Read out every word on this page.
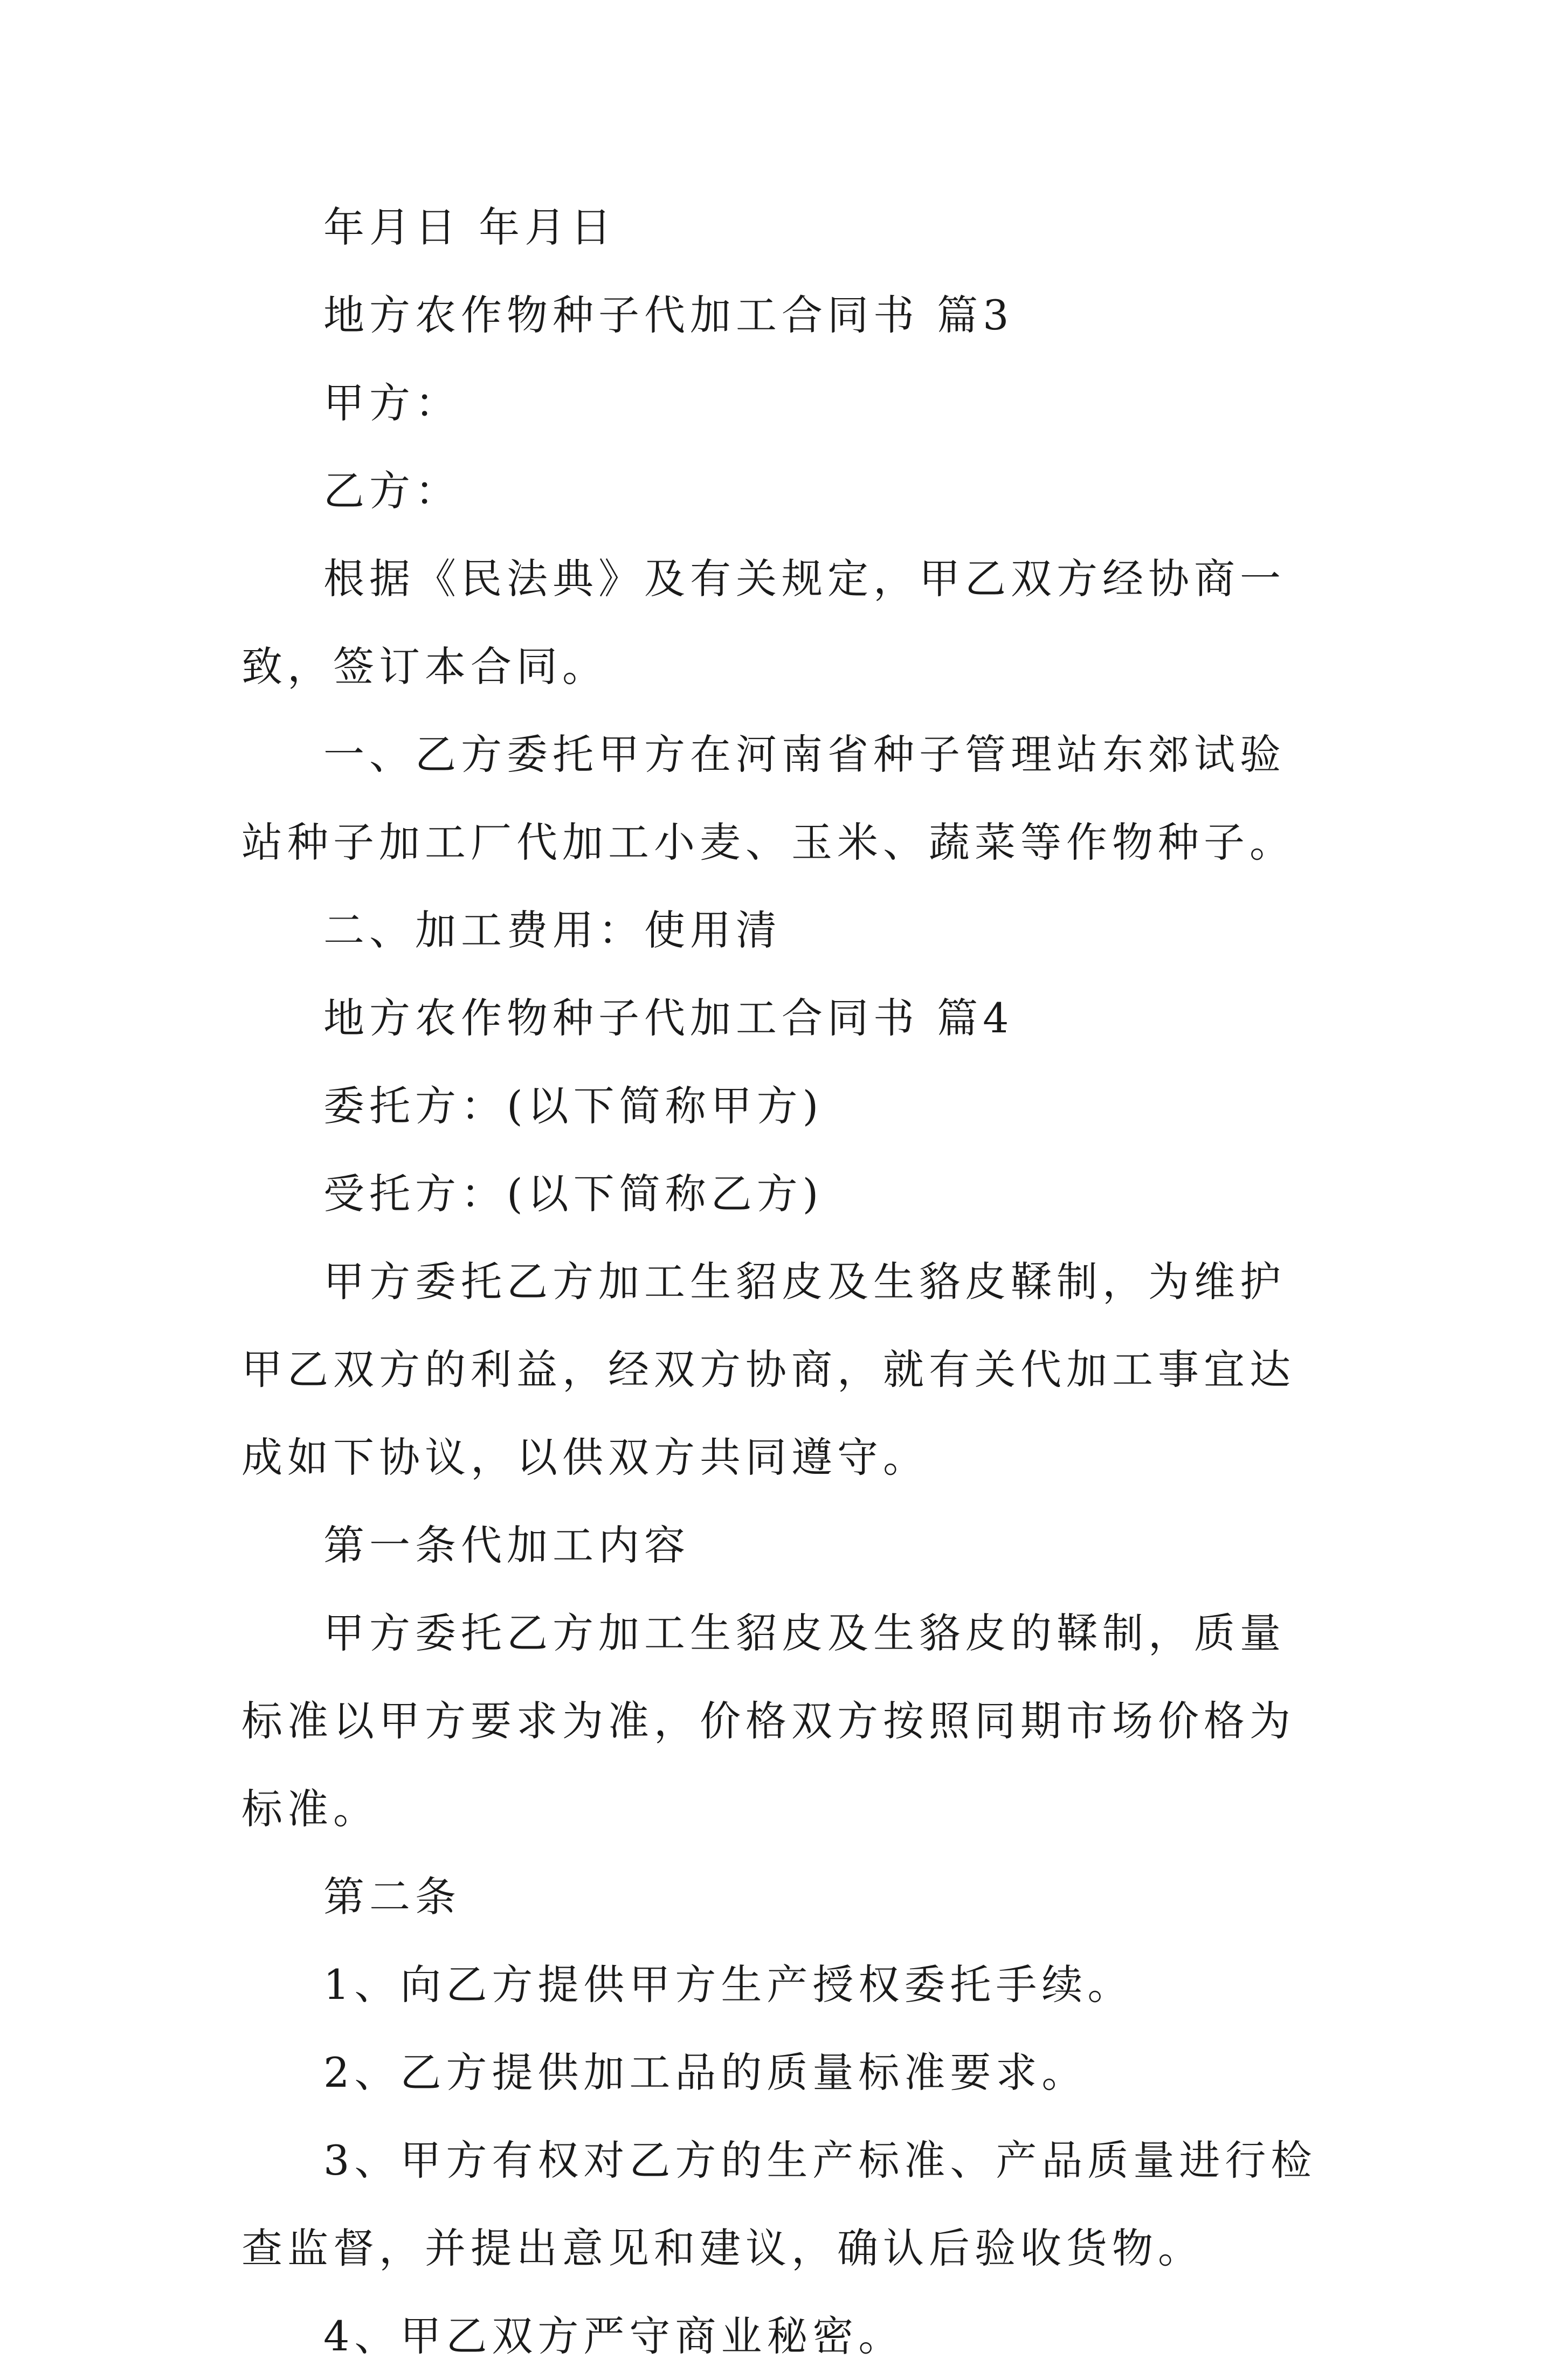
年月日 年月日

地方农作物种子代加工合同书 篇3

甲方：

乙方：

根据《民法典》及有关规定，甲乙双方经协商一致，签订本合同。

一、乙方委托甲方在河南省种子管理站东郊试验站种子加工厂代加工小麦、玉米、蔬菜等作物种子。

二、加工费用：使用清

地方农作物种子代加工合同书 篇4

委托方：(以下简称甲方)

受托方：(以下简称乙方)

甲方委托乙方加工生貂皮及生貉皮鞣制，为维护甲乙双方的利益，经双方协商，就有关代加工事宜达成如下协议，以供双方共同遵守。

第一条代加工内容

甲方委托乙方加工生貂皮及生貉皮的鞣制，质量标准以甲方要求为准，价格双方按照同期市场价格为标准。

第二条

1、向乙方提供甲方生产授权委托手续。

2、乙方提供加工品的质量标准要求。

3、甲方有权对乙方的生产标准、产品质量进行检查监督，并提出意见和建议，确认后验收货物。

4、甲乙双方严守商业秘密。
